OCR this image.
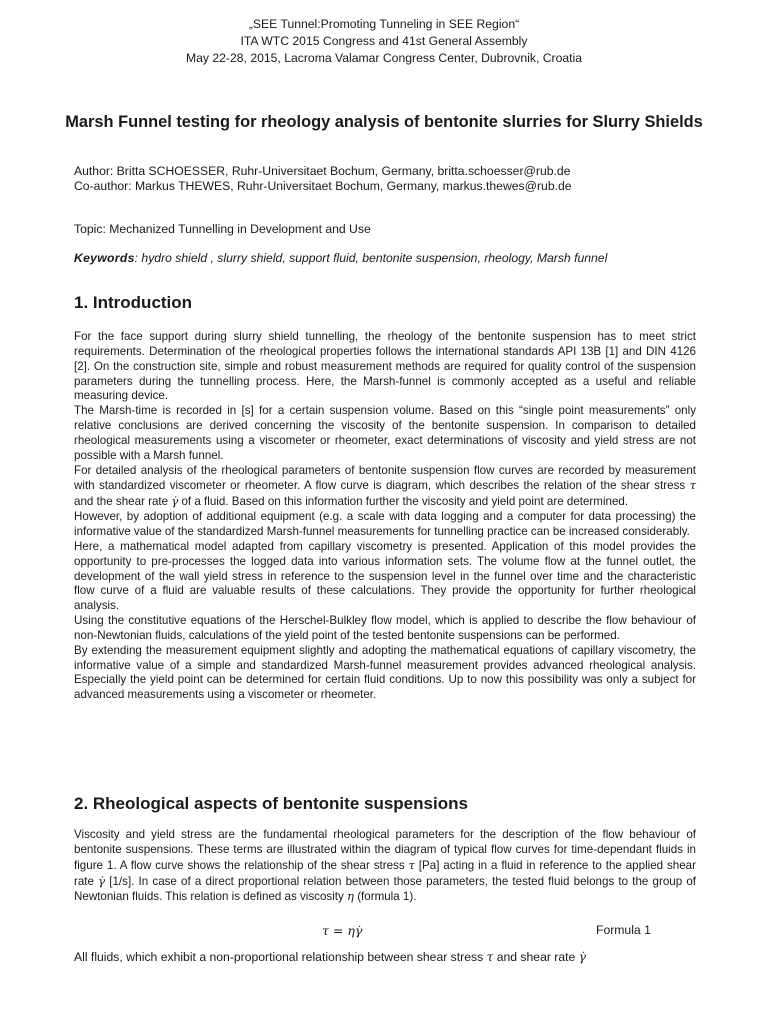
„SEE Tunnel:Promoting Tunneling in SEE Region“
ITA WTC 2015 Congress and 41st General Assembly
May 22-28, 2015, Lacroma Valamar Congress Center, Dubrovnik, Croatia
Marsh Funnel testing for rheology analysis of bentonite slurries for Slurry Shields
Author: Britta SCHOESSER, Ruhr-Universitaet Bochum, Germany, britta.schoesser@rub.de
Co-author: Markus THEWES, Ruhr-Universitaet Bochum, Germany, markus.thewes@rub.de
Topic: Mechanized Tunnelling in Development and Use
Keywords: hydro shield , slurry shield, support fluid, bentonite suspension, rheology, Marsh funnel
1. Introduction

For the face support during slurry shield tunnelling, the rheology of the bentonite suspension has to meet strict requirements. Determination of the rheological properties follows the international standards API 13B [1] and DIN 4126 [2]. On the construction site, simple and robust measurement methods are required for quality control of the suspension parameters during the tunnelling process. Here, the Marsh-funnel is commonly accepted as a useful and reliable measuring device.

The Marsh-time is recorded in [s] for a certain suspension volume. Based on this “single point measurements” only relative conclusions are derived concerning the viscosity of the bentonite suspension. In comparison to detailed rheological measurements using a viscometer or rheometer, exact determinations of viscosity and yield stress are not possible with a Marsh funnel.

For detailed analysis of the rheological parameters of bentonite suspension flow curves are recorded by measurement with standardized viscometer or rheometer. A flow curve is diagram, which describes the relation of the shear stress τ and the shear rate γ̇ of a fluid. Based on this information further the viscosity and yield point are determined.

However, by adoption of additional equipment (e.g. a scale with data logging and a computer for data processing) the informative value of the standardized Marsh-funnel measurements for tunnelling practice can be increased considerably.

Here, a mathematical model adapted from capillary viscometry is presented. Application of this model provides the opportunity to pre-processes the logged data into various information sets. The volume flow at the funnel outlet, the development of the wall yield stress in reference to the suspension level in the funnel over time and the characteristic flow curve of a fluid are valuable results of these calculations. They provide the opportunity for further rheological analysis.

Using the constitutive equations of the Herschel-Bulkley flow model, which is applied to describe the flow behaviour of non-Newtonian fluids, calculations of the yield point of the tested bentonite suspensions can be performed.

By extending the measurement equipment slightly and adopting the mathematical equations of capillary viscometry, the informative value of a simple and standardized Marsh-funnel measurement provides advanced rheological analysis. Especially the yield point can be determined for certain fluid conditions. Up to now this possibility was only a subject for advanced measurements using a viscometer or rheometer.

2. Rheological aspects of bentonite suspensions

Viscosity and yield stress are the fundamental rheological parameters for the description of the flow behaviour of bentonite suspensions. These terms are illustrated within the diagram of typical flow curves for time-dependant fluids in figure 1. A flow curve shows the relationship of the shear stress τ [Pa] acting in a fluid in reference to the applied shear rate γ̇ [1/s]. In case of a direct proportional relation between those parameters, the tested fluid belongs to the group of Newtonian fluids. This relation is defined as viscosity η (formula 1).

τ = ηγ̇	Formula 1
All fluids, which exhibit a non-proportional relationship between shear stress τ and shear rate γ̇
